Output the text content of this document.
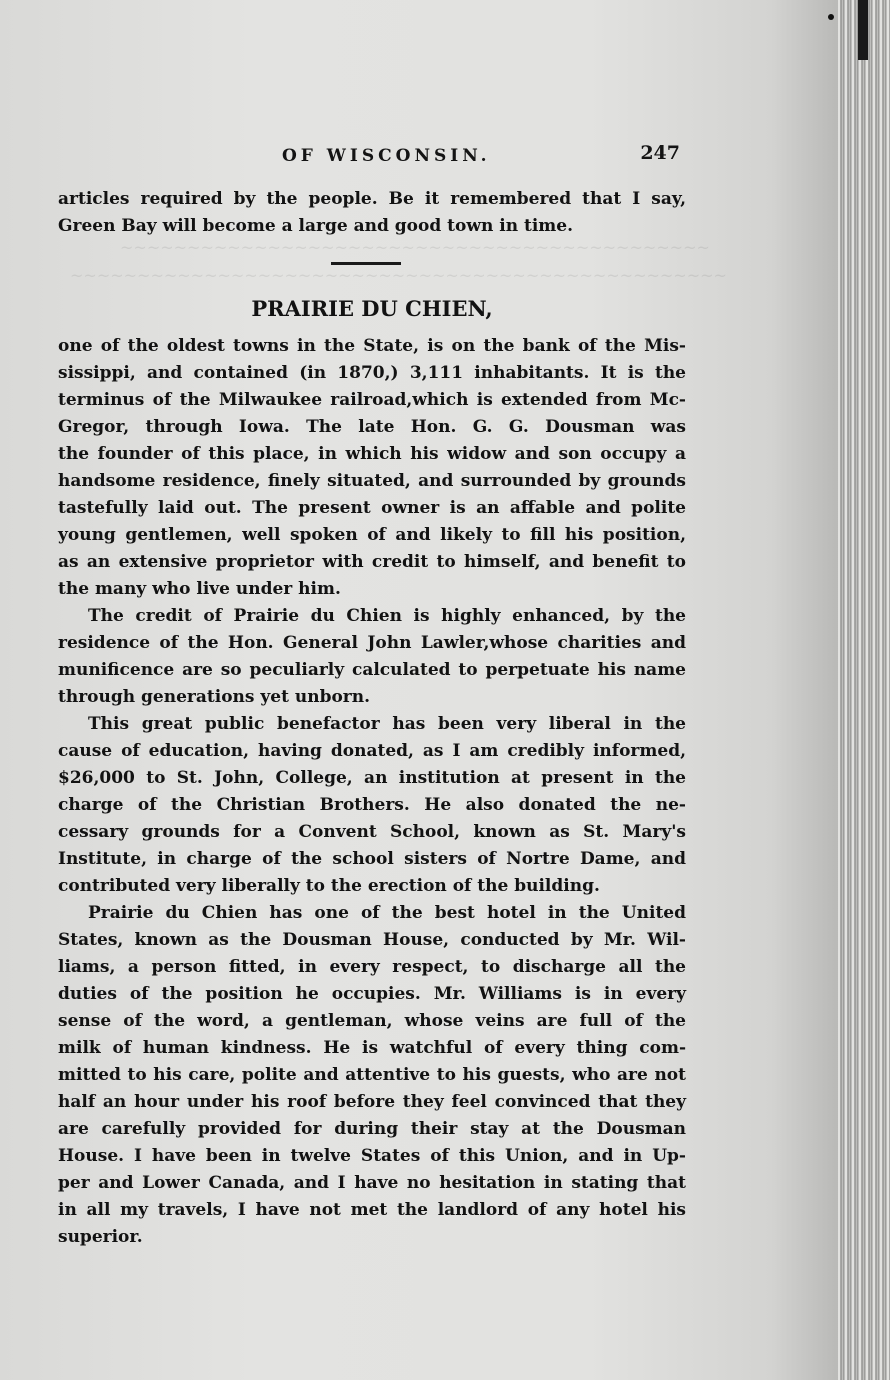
~~~~~~~~~~~~~~~~~~~~~~~~~~~~~~~~~~~~~~~~~~~~
~~~~~~~~~~~~~~~~~~~~~~~~~~~~~~~~~~~~~~~~~~~~~~~~~
OF WISCONSIN.	247
articles required by the people. Be it remembered that I say,
Green Bay will become a large and good town in time.
PRAIRIE DU CHIEN,
one of the oldest towns in the State, is on the bank of the Mis-
sissippi, and contained (in 1870,) 3,111 inhabitants. It is the
terminus of the Milwaukee railroad,which is extended from Mc-
Gregor, through Iowa. The late Hon. G. G. Dousman was
the founder of this place, in which his widow and son occupy a
handsome residence, finely situated, and surrounded by grounds
tastefully laid out. The present owner is an affable and polite
young gentlemen, well spoken of and likely to fill his position,
as an extensive proprietor with credit to himself, and benefit to
the many who live under him.
The credit of Prairie du Chien is highly enhanced, by the
residence of the Hon. General John Lawler,whose charities and
munificence are so peculiarly calculated to perpetuate his name
through generations yet unborn.
This great public benefactor has been very liberal in the
cause of education, having donated, as I am credibly informed,
$26,000 to St. John, College, an institution at present in the
charge of the Christian Brothers. He also donated the ne-
cessary grounds for a Convent School, known as St. Mary's
Institute, in charge of the school sisters of Nortre Dame, and
contributed very liberally to the erection of the building.
Prairie du Chien has one of the best hotel in the United
States, known as the Dousman House, conducted by Mr. Wil-
liams, a person fitted, in every respect, to discharge all the
duties of the position he occupies. Mr. Williams is in every
sense of the word, a gentleman, whose veins are full of the
milk of human kindness. He is watchful of every thing com-
mitted to his care, polite and attentive to his guests, who are not
half an hour under his roof before they feel convinced that they
are carefully provided for during their stay at the Dousman
House. I have been in twelve States of this Union, and in Up-
per and Lower Canada, and I have no hesitation in stating that
in all my travels, I have not met the landlord of any hotel his
superior.
